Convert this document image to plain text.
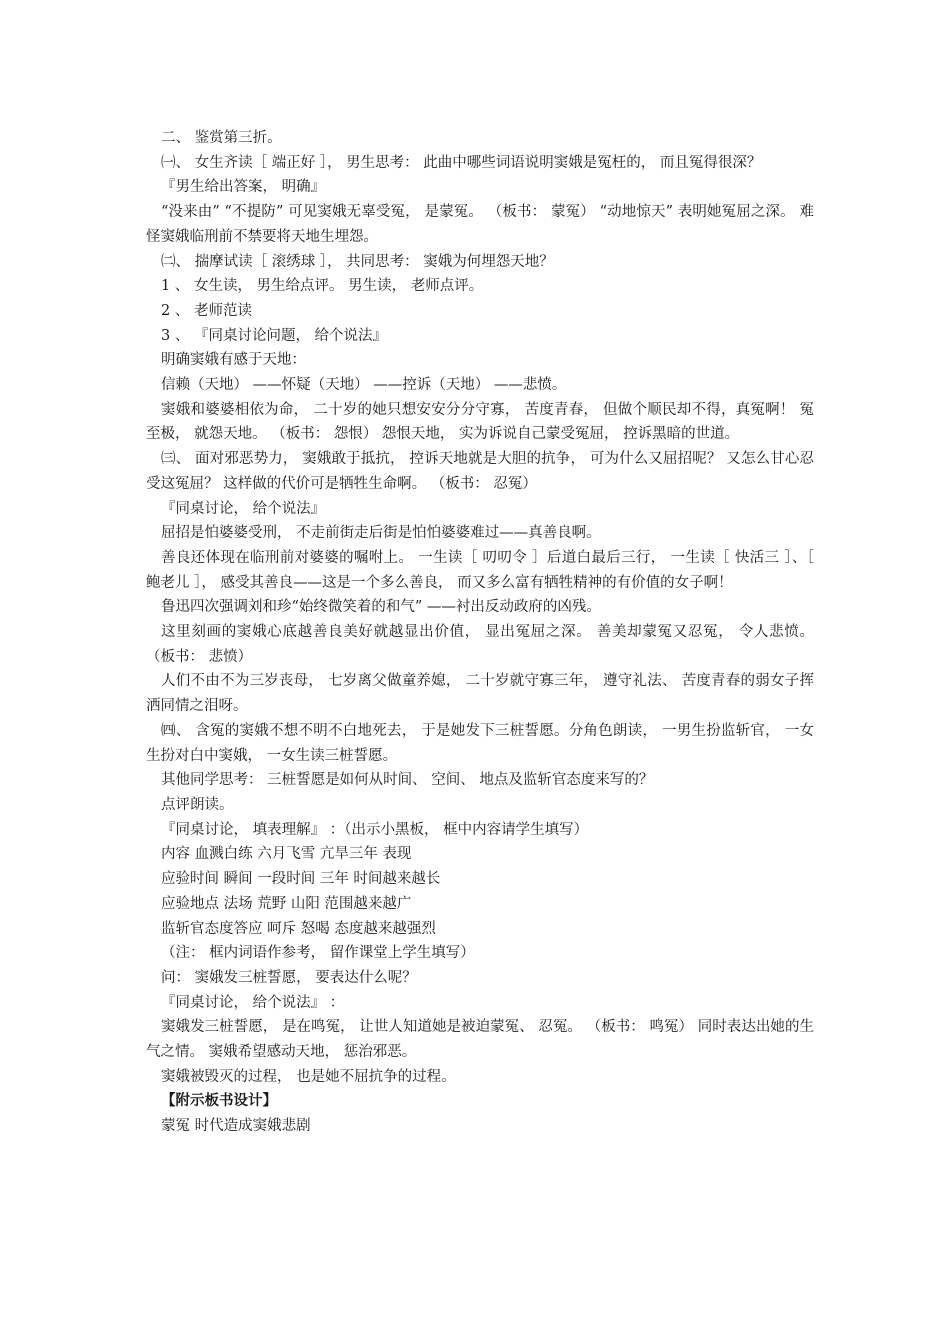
二、 鉴赏第三折。

㈠、 女生齐读［ 端正好 ］， 男生思考： 此曲中哪些词语说明窦娥是冤枉的， 而且冤得很深？

『男生给出答案， 明确』

“没来由” “不提防” 可见窦娥无辜受冤， 是蒙冤。 （板书： 蒙冤） “动地惊天” 表明她冤屈之深。 难怪窦娥临刑前不禁要将天地生埋怨。

㈡、 揣摩试读［ 滚绣球 ］， 共同思考： 窦娥为何埋怨天地？

1 、 女生读， 男生给点评。 男生读， 老师点评。

2 、 老师范读

3 、 『同桌讨论问题， 给个说法』

明确窦娥有感于天地：

信赖（天地） ——怀疑（天地） ——控诉（天地） ——悲愤。

窦娥和婆婆相依为命， 二十岁的她只想安安分分守寡， 苦度青春， 但做个顺民却不得，真冤啊！ 冤至极， 就怨天地。 （板书： 怨恨） 怨恨天地， 实为诉说自己蒙受冤屈， 控诉黑暗的世道。

㈢、 面对邪恶势力， 窦娥敢于抵抗， 控诉天地就是大胆的抗争， 可为什么又屈招呢？ 又怎么甘心忍受这冤屈？ 这样做的代价可是牺牲生命啊。 （板书： 忍冤）

『同桌讨论， 给个说法』

屈招是怕婆婆受刑， 不走前街走后街是怕怕婆婆难过——真善良啊。

善良还体现在临刑前对婆婆的嘱咐上。 一生读［ 叨叨令 ］后道白最后三行， 一生读［ 快活三 ］、［ 鲍老儿 ］， 感受其善良——这是一个多么善良， 而又多么富有牺牲精神的有价值的女子啊！

鲁迅四次强调刘和珍“始终微笑着的和气” ——衬出反动政府的凶残。

这里刻画的窦娥心底越善良美好就越显出价值， 显出冤屈之深。 善美却蒙冤又忍冤， 令人悲愤。 （板书： 悲愤）

人们不由不为三岁丧母， 七岁离父做童养媳， 二十岁就守寡三年， 遵守礼法、 苦度青春的弱女子挥洒同情之泪呀。

㈣、 含冤的窦娥不想不明不白地死去， 于是她发下三桩誓愿。分角色朗读， 一男生扮监斩官， 一女生扮对白中窦娥， 一女生读三桩誓愿。

其他同学思考： 三桩誓愿是如何从时间、 空间、 地点及监斩官态度来写的？

点评朗读。

『同桌讨论， 填表理解』 ：（出示小黑板， 框中内容请学生填写）

内容 血溅白练 六月飞雪 亢旱三年 表现

应验时间 瞬间 一段时间 三年 时间越来越长

应验地点 法场 荒野 山阳 范围越来越广

监斩官态度答应 呵斥 怒喝 态度越来越强烈

（注： 框内词语作参考， 留作课堂上学生填写）

问： 窦娥发三桩誓愿， 要表达什么呢？

『同桌讨论， 给个说法』 ：

窦娥发三桩誓愿， 是在鸣冤， 让世人知道她是被迫蒙冤、 忍冤。 （板书： 鸣冤） 同时表达出她的生气之情。 窦娥希望感动天地， 惩治邪恶。

窦娥被毁灭的过程， 也是她不屈抗争的过程。

【附示板书设计】

蒙冤 时代造成窦娥悲剧
